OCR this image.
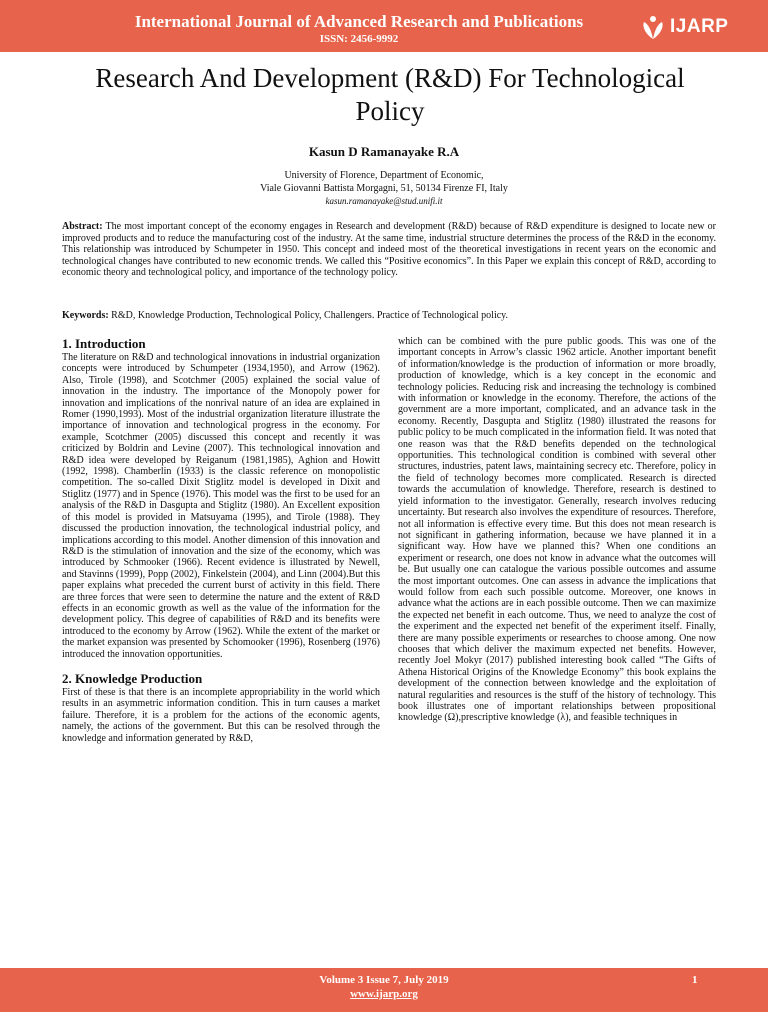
International Journal of Advanced Research and Publications
ISSN: 2456-9992
IJARP
Research And Development (R&D) For Technological Policy
Kasun D Ramanayake R.A
University of Florence, Department of Economic,
Viale Giovanni Battista Morgagni, 51, 50134 Firenze FI, Italy
kasun.ramanayake@stud.unifi.it
Abstract: The most important concept of the economy engages in Research and development (R&D) because of R&D expenditure is designed to locate new or improved products and to reduce the manufacturing cost of the industry. At the same time, industrial structure determines the process of the R&D in the economy. This relationship was introduced by Schumpeter in 1950. This concept and indeed most of the theoretical investigations in recent years on the economic and technological changes have contributed to new economic trends. We called this “Positive economics”. In this Paper we explain this concept of R&D, according to economic theory and technological policy, and importance of the technology policy.
Keywords: R&D, Knowledge Production, Technological Policy, Challengers. Practice of Technological policy.
1. Introduction

The literature on R&D and technological innovations in industrial organization concepts were introduced by Schumpeter (1934,1950), and Arrow (1962). Also, Tirole (1998), and Scotchmer (2005) explained the social value of innovation in the industry. The importance of the Monopoly power for innovation and implications of the nonrival nature of an idea are explained in Romer (1990,1993). Most of the industrial organization literature illustrate the importance of innovation and technological progress in the economy. For example, Scotchmer (2005) discussed this concept and recently it was criticized by Boldrin and Levine (2007). This technological innovation and R&D idea were developed by Reiganum (1981,1985), Aghion and Howitt (1992, 1998). Chamberlin (1933) is the classic reference on monopolistic competition. The so-called Dixit Stiglitz model is developed in Dixit and Stiglitz (1977) and in Spence (1976). This model was the first to be used for an analysis of the R&D in Dasgupta and Stiglitz (1980). An Excellent exposition of this model is provided in Matsuyama (1995), and Tirole (1988). They discussed the production innovation, the technological industrial policy, and implications according to this model. Another dimension of this innovation and R&D is the stimulation of innovation and the size of the economy, which was introduced by Schmooker (1966). Recent evidence is illustrated by Newell, and Stavinns (1999), Popp (2002), Finkelstein (2004), and Linn (2004).But this paper explains what preceded the current burst of activity in this field. There are three forces that were seen to determine the nature and the extent of R&D effects in an economic growth as well as the value of the information for the development policy. This degree of capabilities of R&D and its benefits were introduced to the economy by Arrow (1962). While the extent of the market or the market expansion was presented by Schomooker (1996), Rosenberg (1976) introduced the innovation opportunities.

2. Knowledge Production

First of these is that there is an incomplete appropriability in the world which results in an asymmetric information condition. This in turn causes a market failure. Therefore, it is a problem for the actions of the economic agents, namely, the actions of the government. But this can be resolved through the knowledge and information generated by R&D,

which can be combined with the pure public goods. This was one of the important concepts in Arrow’s classic 1962 article. Another important benefit of information/knowledge is the production of information or more broadly, production of knowledge, which is a key concept in the economic and technology policies. Reducing risk and increasing the technology is combined with information or knowledge in the economy. Therefore, the actions of the government are a more important, complicated, and an advance task in the economy. Recently, Dasgupta and Stiglitz (1980) illustrated the reasons for public policy to be much complicated in the information field. It was noted that one reason was that the R&D benefits depended on the technological opportunities. This technological condition is combined with several other structures, industries, patent laws, maintaining secrecy etc. Therefore, policy in the field of technology becomes more complicated. Research is directed towards the accumulation of knowledge. Therefore, research is destined to yield information to the investigator. Generally, research involves reducing uncertainty. But research also involves the expenditure of resources. Therefore, not all information is effective every time. But this does not mean research is not significant in gathering information, because we have planned it in a significant way. How have we planned this? When one conditions an experiment or research, one does not know in advance what the outcomes will be. But usually one can catalogue the various possible outcomes and assume the most important outcomes. One can assess in advance the implications that would follow from each such possible outcome. Moreover, one knows in advance what the actions are in each possible outcome. Then we can maximize the expected net benefit in each outcome. Thus, we need to analyze the cost of the experiment and the expected net benefit of the experiment itself. Finally, there are many possible experiments or researches to choose among. One now chooses that which deliver the maximum expected net benefits. However, recently Joel Mokyr (2017) published interesting book called “The Gifts of Athena Historical Origins of the Knowledge Economy” this book explains the development of the connection between knowledge and the exploitation of natural regularities and resources is the stuff of the history of technology. This book illustrates one of important relationships between propositional knowledge (Ω),prescriptive knowledge (λ), and feasible techniques in

Volume 3 Issue 7, July 2019
www.ijarp.org
1
